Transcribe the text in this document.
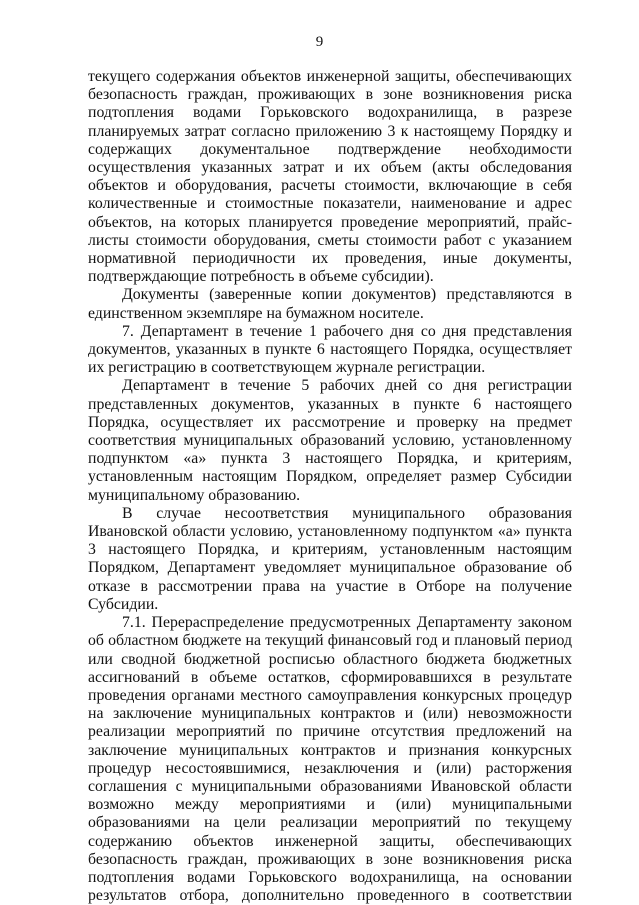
9

текущего содержания объектов инженерной защиты, обеспечивающих безопасность граждан, проживающих в зоне возникновения риска подтопления водами Горьковского водохранилища, в разрезе планируемых затрат согласно приложению 3 к настоящему Порядку и содержащих документальное подтверждение необходимости осуществления указанных затрат и их объем (акты обследования объектов и оборудования, расчеты стоимости, включающие в себя количественные и стоимостные показатели, наименование и адрес объектов, на которых планируется проведение мероприятий, прайс-листы стоимости оборудования, сметы стоимости работ с указанием нормативной периодичности их проведения, иные документы, подтверждающие потребность в объеме субсидии).

Документы (заверенные копии документов) представляются в единственном экземпляре на бумажном носителе.

7. Департамент в течение 1 рабочего дня со дня представления документов, указанных в пункте 6 настоящего Порядка, осуществляет их регистрацию в соответствующем журнале регистрации.

Департамент в течение 5 рабочих дней со дня регистрации представленных документов, указанных в пункте 6 настоящего Порядка, осуществляет их рассмотрение и проверку на предмет соответствия муниципальных образований условию, установленному подпунктом «а» пункта 3 настоящего Порядка, и критериям, установленным настоящим Порядком, определяет размер Субсидии муниципальному образованию.

В случае несоответствия муниципального образования Ивановской области условию, установленному подпунктом «а» пункта 3 настоящего Порядка, и критериям, установленным настоящим Порядком, Департамент уведомляет муниципальное образование об отказе в рассмотрении права на участие в Отборе на получение Субсидии.

7.1. Перераспределение предусмотренных Департаменту законом об областном бюджете на текущий финансовый год и плановый период или сводной бюджетной росписью областного бюджета бюджетных ассигнований в объеме остатков, сформировавшихся в результате проведения органами местного самоуправления конкурсных процедур на заключение муниципальных контрактов и (или) невозможности реализации мероприятий по причине отсутствия предложений на заключение муниципальных контрактов и признания конкурсных процедур несостоявшимися, незаключения и (или) расторжения соглашения с муниципальными образованиями Ивановской области возможно между мероприятиями и (или) муниципальными образованиями на цели реализации мероприятий по текущему содержанию объектов инженерной защиты, обеспечивающих безопасность граждан, проживающих в зоне возникновения риска подтопления водами Горьковского водохранилища, на основании результатов отбора, дополнительно проведенного в соответствии
